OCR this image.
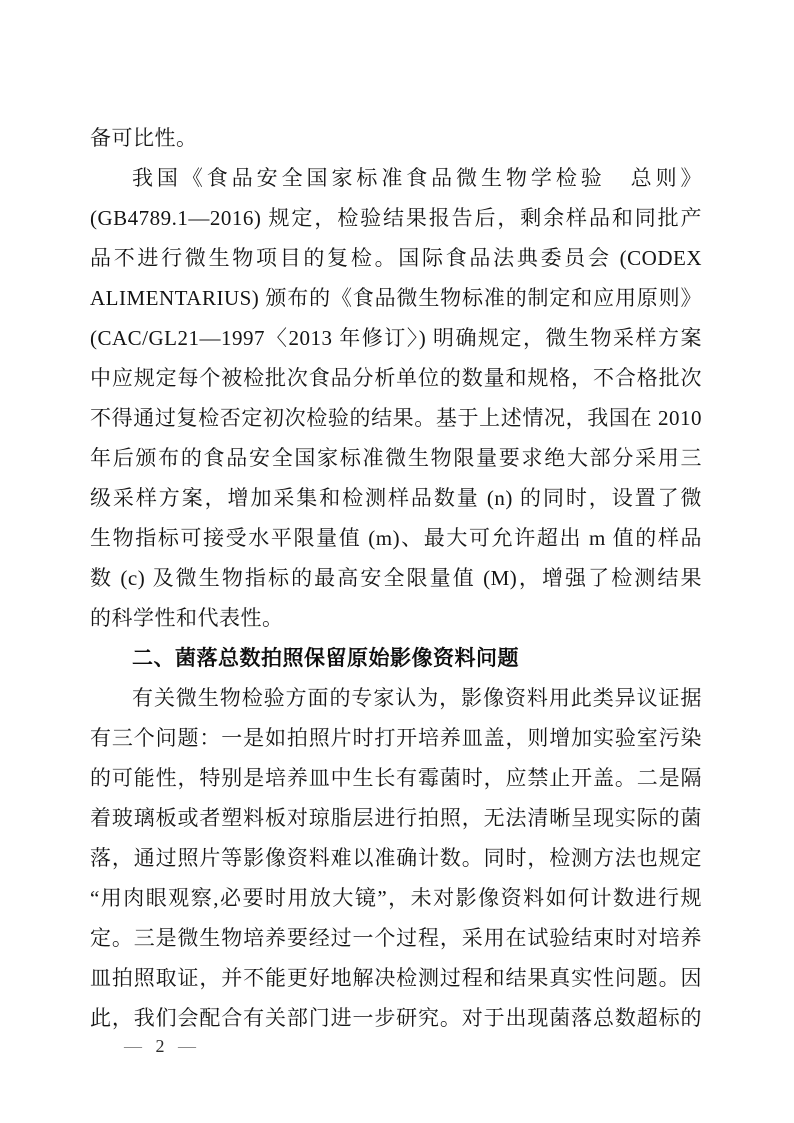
备可比性。
我国《食品安全国家标准食品微生物学检验　总则》
(GB4789.1—2016) 规定，检验结果报告后，剩余样品和同批产
品不进行微生物项目的复检。国际食品法典委员会 (CODEX
ALIMENTARIUS) 颁布的《食品微生物标准的制定和应用原则》
(CAC/GL21—1997〈2013 年修订〉) 明确规定，微生物采样方案
中应规定每个被检批次食品分析单位的数量和规格，不合格批次
不得通过复检否定初次检验的结果。基于上述情况，我国在 2010
年后颁布的食品安全国家标准微生物限量要求绝大部分采用三
级采样方案，增加采集和检测样品数量 (n) 的同时，设置了微
生物指标可接受水平限量值 (m)、最大可允许超出 m 值的样品
数 (c) 及微生物指标的最高安全限量值 (M)，增强了检测结果
的科学性和代表性。
二、菌落总数拍照保留原始影像资料问题
有关微生物检验方面的专家认为，影像资料用此类异议证据
有三个问题：一是如拍照片时打开培养皿盖，则增加实验室污染
的可能性，特别是培养皿中生长有霉菌时，应禁止开盖。二是隔
着玻璃板或者塑料板对琼脂层进行拍照，无法清晰呈现实际的菌
落，通过照片等影像资料难以准确计数。同时，检测方法也规定
“用肉眼观察,必要时用放大镜”，未对影像资料如何计数进行规
定。三是微生物培养要经过一个过程，采用在试验结束时对培养
皿拍照取证，并不能更好地解决检测过程和结果真实性问题。因
此，我们会配合有关部门进一步研究。对于出现菌落总数超标的
— 2 —
